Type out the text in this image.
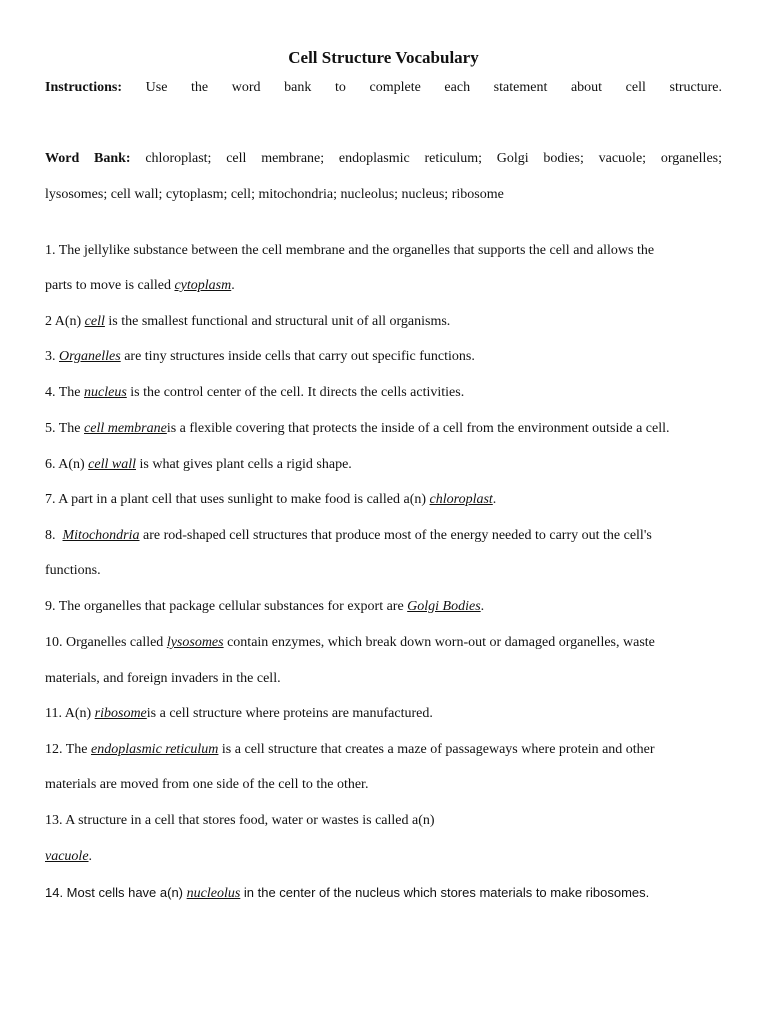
Cell Structure Vocabulary
Instructions: Use the word bank to complete each statement about cell structure.
Word Bank: chloroplast; cell membrane; endoplasmic reticulum; Golgi bodies; vacuole; organelles;
lysosomes; cell wall; cytoplasm; cell; mitochondria; nucleolus; nucleus; ribosome
1. The jellylike substance between the cell membrane and the organelles that supports the cell and allows the
parts to move is called cytoplasm.
2 A(n) cell is the smallest functional and structural unit of all organisms.
3. Organelles are tiny structures inside cells that carry out specific functions.
4. The nucleus is the control center of the cell. It directs the cells activities.
5. The cell membraneis a flexible covering that protects the inside of a cell from the environment outside a cell.
6. A(n) cell wall is what gives plant cells a rigid shape.
7. A part in a plant cell that uses sunlight to make food is called a(n) chloroplast.
8.  Mitochondria are rod-shaped cell structures that produce most of the energy needed to carry out the cell's
functions.
9. The organelles that package cellular substances for export are Golgi Bodies.
10. Organelles called lysosomes contain enzymes, which break down worn-out or damaged organelles, waste
materials, and foreign invaders in the cell.
11. A(n) ribosomeis a cell structure where proteins are manufactured.
12. The endoplasmic reticulum is a cell structure that creates a maze of passageways where protein and other
materials are moved from one side of the cell to the other.
13. A structure in a cell that stores food, water or wastes is called a(n)
vacuole.
14. Most cells have a(n) nucleolus in the center of the nucleus which stores materials to make ribosomes.
